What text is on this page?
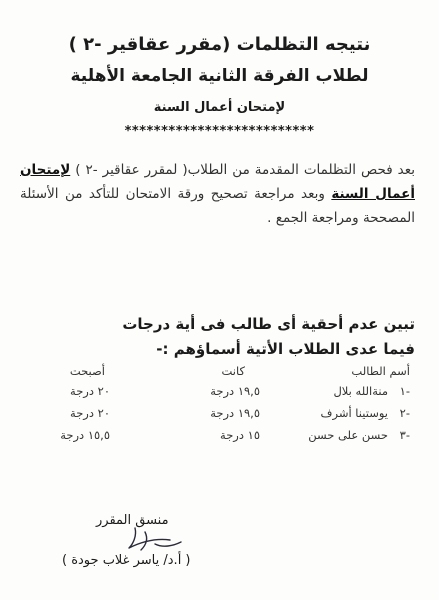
نتيجه التظلمات (مقرر عقاقير -٢ )
لطلاب الفرقة الثانية الجامعة الأهلية
لإمتحان أعمال السنة
**************************
بعد فحص التظلمات المقدمة من الطلاب( لمقرر عقاقير -٢ ) لإمتحان أعمال السنة وبعد مراجعة تصحيح ورقة الامتحان للتأكد من الأسئلة المصححة ومراجعة الجمع .
تبين عدم أحقية أى طالب فى أية درجات
فيما عدى الطلاب الأتية أسماؤهم :-
أسم الطالب
كانت
أصبحت
-١
منةالله بلال
١٩,٥ درجة
٢٠ درجة
-٢
يوستينا أشرف
١٩,٥ درجة
٢٠ درجة
-٣
حسن على حسن
١٥ درجة
١٥,٥ درجة
منسق المقرر
( أ.د/ ياسر غلاب جودة )
